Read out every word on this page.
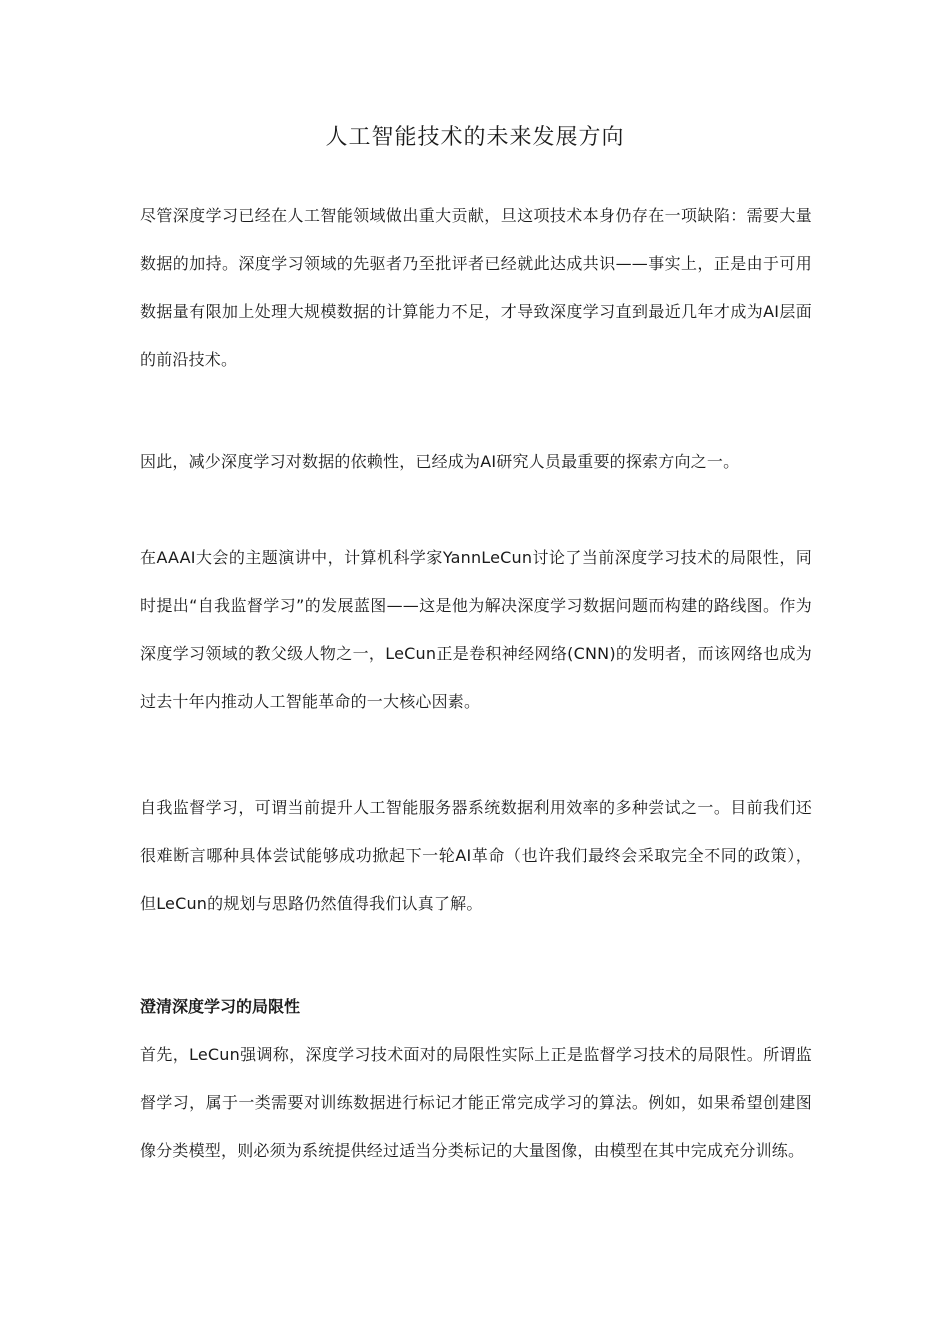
人工智能技术的未来发展方向

尽管深度学习已经在人工智能领域做出重大贡献，旦这项技术本身仍存在一项缺陷：需要大量数据的加持。深度学习领域的先驱者乃至批评者已经就此达成共识——事实上，正是由于可用数据量有限加上处理大规模数据的计算能力不足，才导致深度学习直到最近几年才成为AI层面的前沿技术。

因此，减少深度学习对数据的依赖性，已经成为AI研究人员最重要的探索方向之一。

在AAAI大会的主题演讲中，计算机科学家YannLeCun讨论了当前深度学习技术的局限性，同时提出“自我监督学习”的发展蓝图——这是他为解决深度学习数据问题而构建的路线图。作为深度学习领域的教父级人物之一，LeCun正是卷积神经网络(CNN)的发明者，而该网络也成为过去十年内推动人工智能革命的一大核心因素。

自我监督学习，可谓当前提升人工智能服务器系统数据利用效率的多种尝试之一。目前我们还很难断言哪种具体尝试能够成功掀起下一轮AI革命（也许我们最终会采取完全不同的政策），但LeCun的规划与思路仍然值得我们认真了解。

澄清深度学习的局限性

首先，LeCun强调称，深度学习技术面对的局限性实际上正是监督学习技术的局限性。所谓监督学习，属于一类需要对训练数据进行标记才能正常完成学习的算法。例如，如果希望创建图像分类模型，则必须为系统提供经过适当分类标记的大量图像，由模型在其中完成充分训练。
